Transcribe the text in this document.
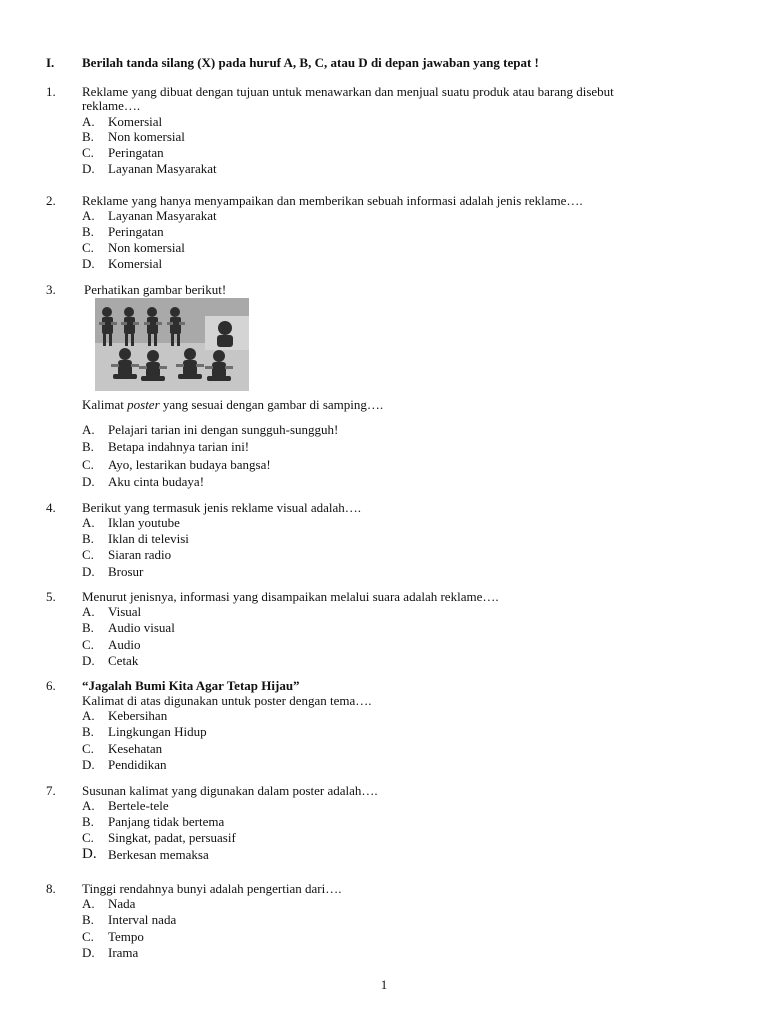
I. Berilah tanda silang (X) pada huruf A, B, C, atau D di depan jawaban yang tepat !
1. Reklame yang dibuat dengan tujuan untuk menawarkan dan menjual suatu produk atau barang disebut
reklame….
A. Komersial
B. Non komersial
C. Peringatan
D. Layanan Masyarakat
2. Reklame yang hanya menyampaikan dan memberikan sebuah informasi adalah jenis reklame….
A. Layanan Masyarakat
B. Peringatan
C. Non komersial
D. Komersial
3. Perhatikan gambar berikut!
Kalimat poster yang sesuai dengan gambar di samping….
A. Pelajari tarian ini dengan sungguh-sungguh!
B. Betapa indahnya tarian ini!
C. Ayo, lestarikan budaya bangsa!
D. Aku cinta budaya!
4. Berikut yang termasuk jenis reklame visual adalah….
A. Iklan youtube
B. Iklan di televisi
C. Siaran radio
D. Brosur
5. Menurut jenisnya, informasi yang disampaikan melalui suara adalah reklame….
A. Visual
B. Audio visual
C. Audio
D. Cetak
6. “Jagalah Bumi Kita Agar Tetap Hijau”
Kalimat di atas digunakan untuk poster dengan tema….
A. Kebersihan
B. Lingkungan Hidup
C. Kesehatan
D. Pendidikan
7. Susunan kalimat yang digunakan dalam poster adalah….
A. Bertele-tele
B. Panjang tidak bertema
C. Singkat, padat, persuasif
D. Berkesan memaksa
8. Tinggi rendahnya bunyi adalah pengertian dari….
A. Nada
B. Interval nada
C. Tempo
D. Irama
1
